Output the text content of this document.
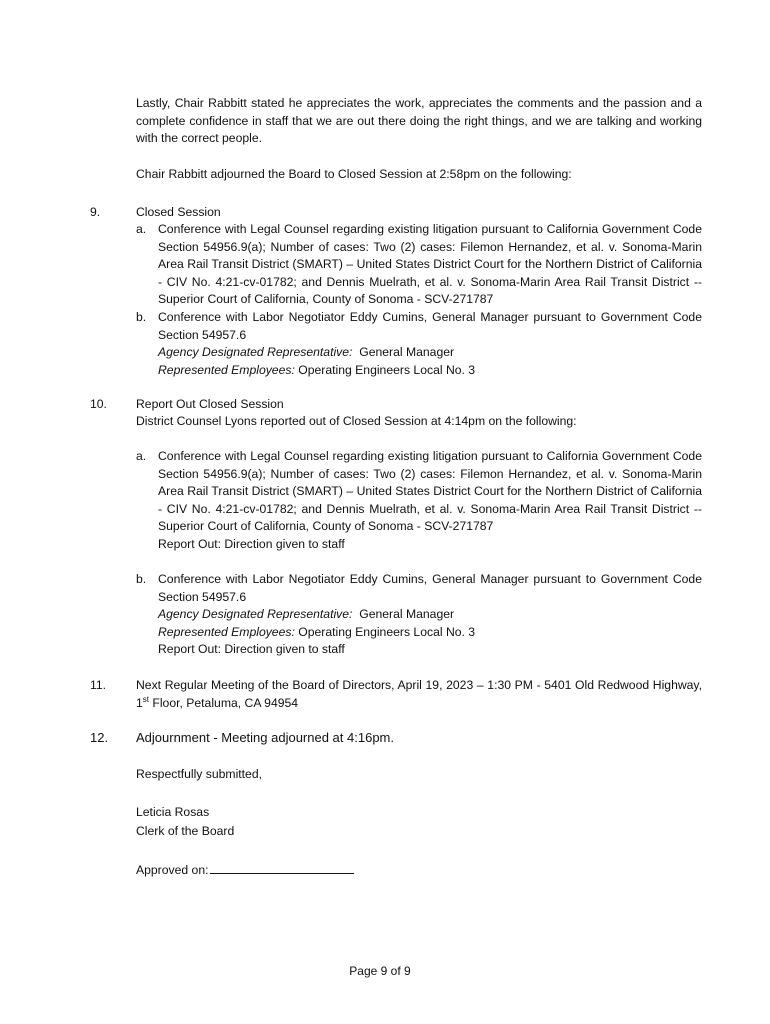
Lastly, Chair Rabbitt stated he appreciates the work, appreciates the comments and the passion and a complete confidence in staff that we are out there doing the right things, and we are talking and working with the correct people.

Chair Rabbitt adjourned the Board to Closed Session at 2:58pm on the following:

9.	Closed Session
a. Conference with Legal Counsel regarding existing litigation pursuant to California Government Code Section 54956.9(a); Number of cases: Two (2) cases: Filemon Hernandez, et al. v. Sonoma-Marin Area Rail Transit District (SMART) – United States District Court for the Northern District of California - CIV No. 4:21-cv-01782; and Dennis Muelrath, et al. v. Sonoma-Marin Area Rail Transit District -- Superior Court of California, County of Sonoma - SCV-271787
b. Conference with Labor Negotiator Eddy Cumins, General Manager pursuant to Government Code Section 54957.6
Agency Designated Representative: General Manager
Represented Employees: Operating Engineers Local No. 3
10. Report Out Closed Session
District Counsel Lyons reported out of Closed Session at 4:14pm on the following:
a. Conference with Legal Counsel regarding existing litigation pursuant to California Government Code Section 54956.9(a); Number of cases: Two (2) cases: Filemon Hernandez, et al. v. Sonoma-Marin Area Rail Transit District (SMART) – United States District Court for the Northern District of California - CIV No. 4:21-cv-01782; and Dennis Muelrath, et al. v. Sonoma-Marin Area Rail Transit District -- Superior Court of California, County of Sonoma - SCV-271787
Report Out: Direction given to staff
b. Conference with Labor Negotiator Eddy Cumins, General Manager pursuant to Government Code Section 54957.6
Agency Designated Representative: General Manager
Represented Employees: Operating Engineers Local No. 3
Report Out: Direction given to staff
11. Next Regular Meeting of the Board of Directors, April 19, 2023 – 1:30 PM - 5401 Old Redwood Highway, 1st Floor, Petaluma, CA 94954

12. Adjournment - Meeting adjourned at 4:16pm.
Respectfully submitted,
Leticia Rosas
Clerk of the Board
Approved on:
Page 9 of 9
